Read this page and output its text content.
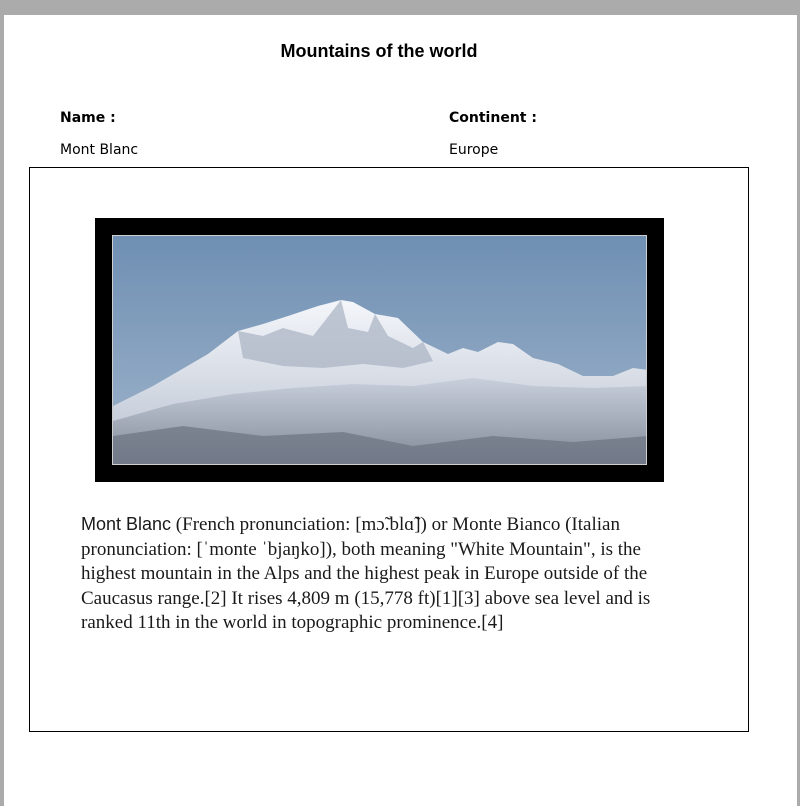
Mountains of the world
Name :	Continent :
Mont Blanc	Europe
Mont Blanc (French pronunciation: [mɔ̃.blɑ̃]) or Monte Bianco (Italian pronunciation: [ˈmonte ˈbjaŋko]), both meaning "White Mountain", is the highest mountain in the Alps and the highest peak in Europe outside of the Caucasus range.[2] It rises 4,809 m (15,778 ft)[1][3] above sea level and is ranked 11th in the world in topographic prominence.[4]
